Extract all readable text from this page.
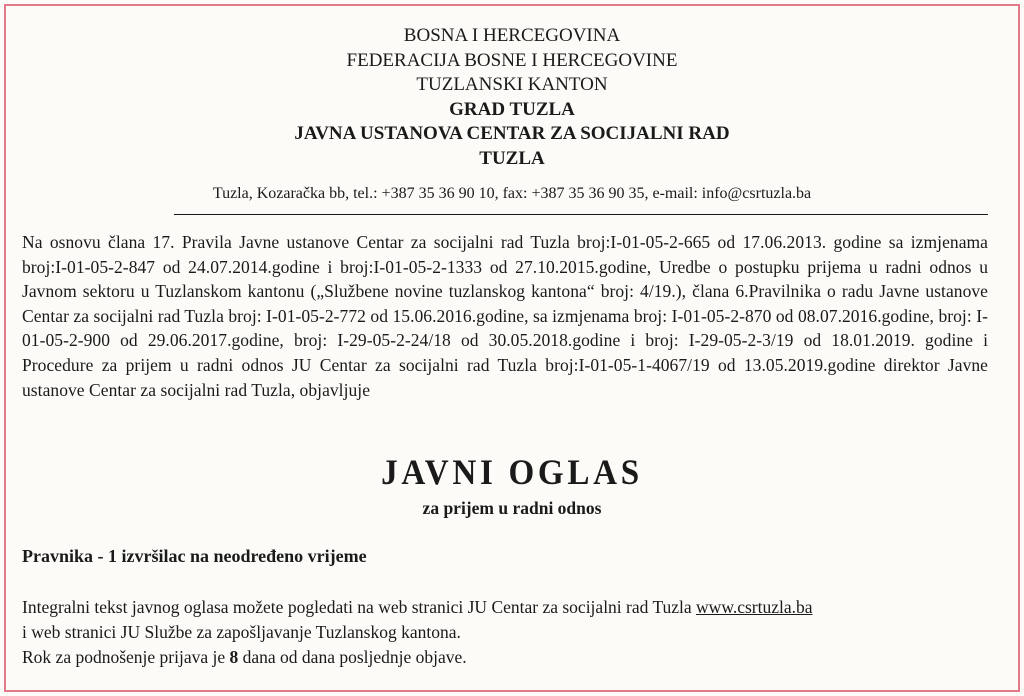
BOSNA I HERCEGOVINA
FEDERACIJA BOSNE I HERCEGOVINE
TUZLANSKI KANTON
GRAD TUZLA
JAVNA USTANOVA CENTAR ZA SOCIJALNI RAD
TUZLA
Tuzla, Kozaračka bb, tel.: +387 35 36 90 10, fax: +387 35 36 90 35, e-mail: info@csrtuzla.ba
Na osnovu člana 17. Pravila Javne ustanove Centar za socijalni rad Tuzla broj:I-01-05-2-665 od 17.06.2013. godine sa izmjenama broj:I-01-05-2-847 od 24.07.2014.godine i broj:I-01-05-2-1333 od 27.10.2015.godine, Uredbe o postupku prijema u radni odnos u Javnom sektoru u Tuzlanskom kantonu („Službene novine tuzlanskog kantona“ broj: 4/19.), člana 6.Pravilnika o radu Javne ustanove Centar za socijalni rad Tuzla broj: I-01-05-2-772 od 15.06.2016.godine, sa izmjenama broj: I-01-05-2-870 od 08.07.2016.godine, broj: I-01-05-2-900 od 29.06.2017.godine, broj: I-29-05-2-24/18 od 30.05.2018.godine i broj: I-29-05-2-3/19 od 18.01.2019. godine i Procedure za prijem u radni odnos JU Centar za socijalni rad Tuzla broj:I-01-05-1-4067/19 od 13.05.2019.godine direktor Javne ustanove Centar za socijalni rad Tuzla, objavljuje
JAVNI OGLAS
za prijem u radni odnos
Pravnika - 1 izvršilac na neodređeno vrijeme
Integralni tekst javnog oglasa možete pogledati na web stranici JU Centar za socijalni rad Tuzla www.csrtuzla.ba
i web stranici JU Službe za zapošljavanje Tuzlanskog kantona.
Rok za podnošenje prijava je 8 dana od dana posljednje objave.
